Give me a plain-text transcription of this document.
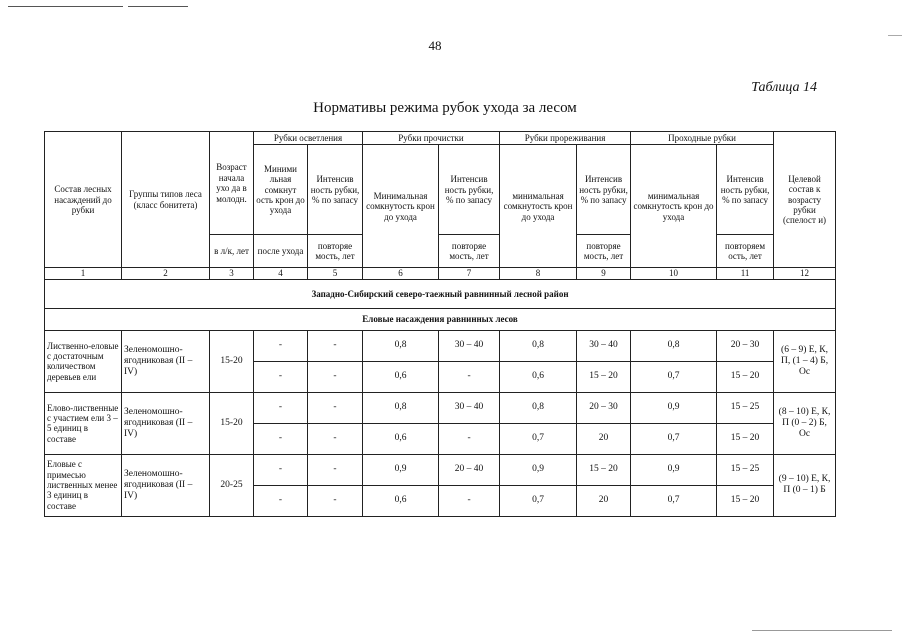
48
Таблица 14
Нормативы режима рубок ухода за лесом
Состав лесных насаждений до рубки	Группы типов леса (класс бонитета)	Возраст начала ухо да в молодн.	Рубки осветления		Рубки прочистки		Рубки прореживания		Проходные рубки		Целевой состав к возрасту рубки (спелост и)
			Миними льная сомкнут ость крон до ухода	Интенсив ность рубки, % по запасу	Минимальная сомкнутость крон до ухода	Интенсив ность рубки, % по запасу	минимальная сомкнутость крон до ухода	Интенсив ность рубки, % по запасу	минимальная сомкнутость крон до ухода	Интенсив ность рубки, % по запасу	
		в л/к, лет	после ухода	повторяе мость, лет		повторяе мость, лет		повторяе мость, лет		повторяем ость, лет	
1	2	3	4	5	6	7	8	9	10	11	12
Западно-Сибирский северо-таежный равнинный лесной район											
Еловые насаждения равнинных лесов											
Лиственно-еловые с достаточным количеством деревьев ели	Зеленомошно-ягодниковая (II – IV)	15-20	-	-	0,8	30 – 40	0,8	30 – 40	0,8	20 – 30	(6 – 9) Е, К, П, (1 – 4) Б, Ос
			-	-	0,6	-	0,6	15 – 20	0,7	15 – 20	
Елово-лиственные с участием ели 3 – 5 единиц в составе	Зеленомошно-ягодниковая (II – IV)	15-20	-	-	0,8	30 – 40	0,8	20 – 30	0,9	15 – 25	(8 – 10) Е, К, П (0 – 2) Б, Ос
			-	-	0,6	-	0,7	20	0,7	15 – 20	
Еловые с примесью лиственных менее 3 единиц в составе	Зеленомошно-ягодниковая (II – IV)	20-25	-	-	0,9	20 – 40	0,9	15 – 20	0,9	15 – 25	(9 – 10) Е, К, П (0 – 1) Б
			-	-	0,6	-	0,7	20	0,7	15 – 20	
